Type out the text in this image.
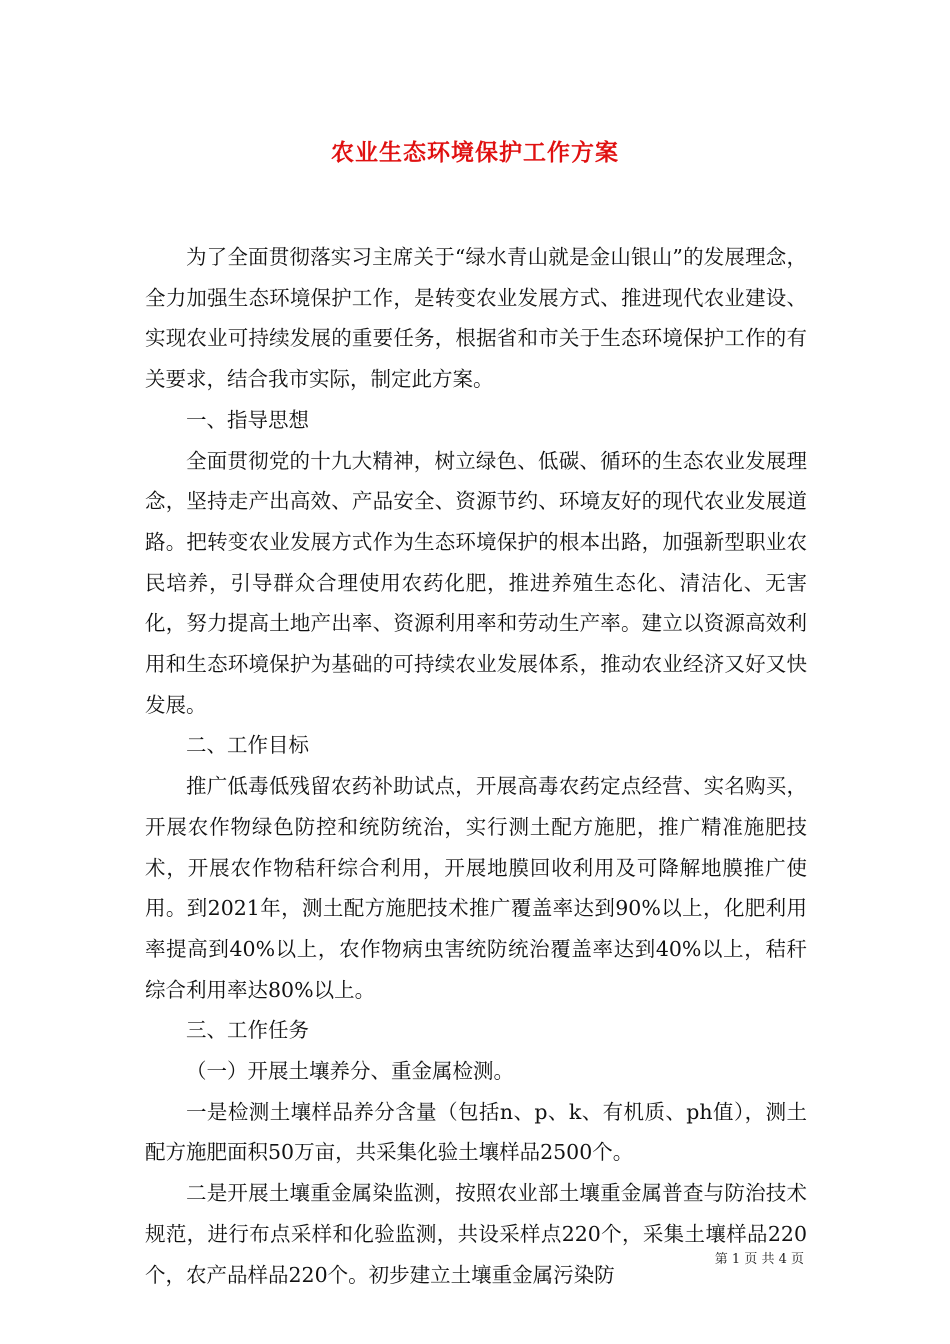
农业生态环境保护工作方案

为了全面贯彻落实习主席关于“绿水青山就是金山银山”的发展理念，全力加强生态环境保护工作，是转变农业发展方式、推进现代农业建设、实现农业可持续发展的重要任务，根据省和市关于生态环境保护工作的有关要求，结合我市实际，制定此方案。

一、指导思想

全面贯彻党的十九大精神，树立绿色、低碳、循环的生态农业发展理念，坚持走产出高效、产品安全、资源节约、环境友好的现代农业发展道路。把转变农业发展方式作为生态环境保护的根本出路，加强新型职业农民培养，引导群众合理使用农药化肥，推进养殖生态化、清洁化、无害化，努力提高土地产出率、资源利用率和劳动生产率。建立以资源高效利用和生态环境保护为基础的可持续农业发展体系，推动农业经济又好又快发展。

二、工作目标

推广低毒低残留农药补助试点，开展高毒农药定点经营、实名购买，开展农作物绿色防控和统防统治，实行测土配方施肥，推广精准施肥技术，开展农作物秸秆综合利用，开展地膜回收利用及可降解地膜推广使用。到2021年，测土配方施肥技术推广覆盖率达到90%以上，化肥利用率提高到40%以上，农作物病虫害统防统治覆盖率达到40%以上，秸秆综合利用率达80%以上。

三、工作任务

（一）开展土壤养分、重金属检测。

一是检测土壤样品养分含量（包括n、p、k、有机质、ph值），测土配方施肥面积50万亩，共采集化验土壤样品2500个。

二是开展土壤重金属染监测，按照农业部土壤重金属普查与防治技术规范，进行布点采样和化验监测，共设采样点220个，采集土壤样品220个，农产品样品220个。初步建立土壤重金属污染防

第 1 页 共 4 页
